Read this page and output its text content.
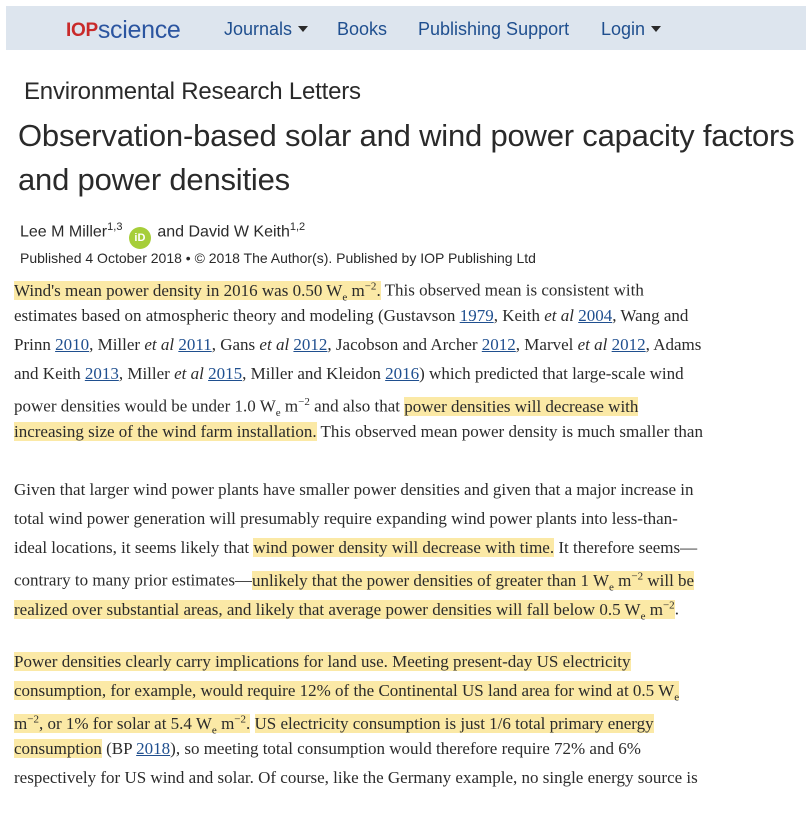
IOPscience Journals	Books Publishing Support Login
Environmental Research Letters
Observation-based solar and wind power capacity factors
and power densities
Lee M Miller$^{1,3}$ iD and David W Keith$^{1,2}$
Published 4 October 2018 • © 2018 The Author(s). Published by IOP Publishing Ltd
Wind's mean power density in 2016 was 0.50 $W_e$ $m^{-2}$. This observed mean is consistent with
estimates based on atmospheric theory and modeling (Gustavson 1979, Keith et al 2004, Wang and
Prinn 2010, Miller et al 2011, Gans et al 2012, Jacobson and Archer 2012, Marvel et al 2012, Adams
and Keith 2013, Miller et al 2015, Miller and Kleidon 2016) which predicted that large-scale wind
power densities would be under 1.0 $W_e$ $m^{-2}$ and also that power densities will decrease with
increasing size of the wind farm installation. This observed mean power density is much smaller than
Given that larger wind power plants have smaller power densities and given that a major increase in
total wind power generation will presumably require expanding wind power plants into less-than-
ideal locations, it seems likely that wind power density will decrease with time. It therefore seems—
contrary to many prior estimates—unlikely that the power densities of greater than 1 $W_e$ $m^{-2}$ will be
realized over substantial areas, and likely that average power densities will fall below 0.5 $W_e$ $m^{-2}$.
Power densities clearly carry implications for land use. Meeting present-day US electricity
consumption, for example, would require 12% of the Continental US land area for wind at 0.5 $W_e$
$m^{-2}$, or 1% for solar at 5.4 $W_e$ $m^{-2}$. US electricity consumption is just 1/6 total primary energy
consumption (BP 2018), so meeting total consumption would therefore require 72% and 6%
respectively for US wind and solar. Of course, like the Germany example, no single energy source is
